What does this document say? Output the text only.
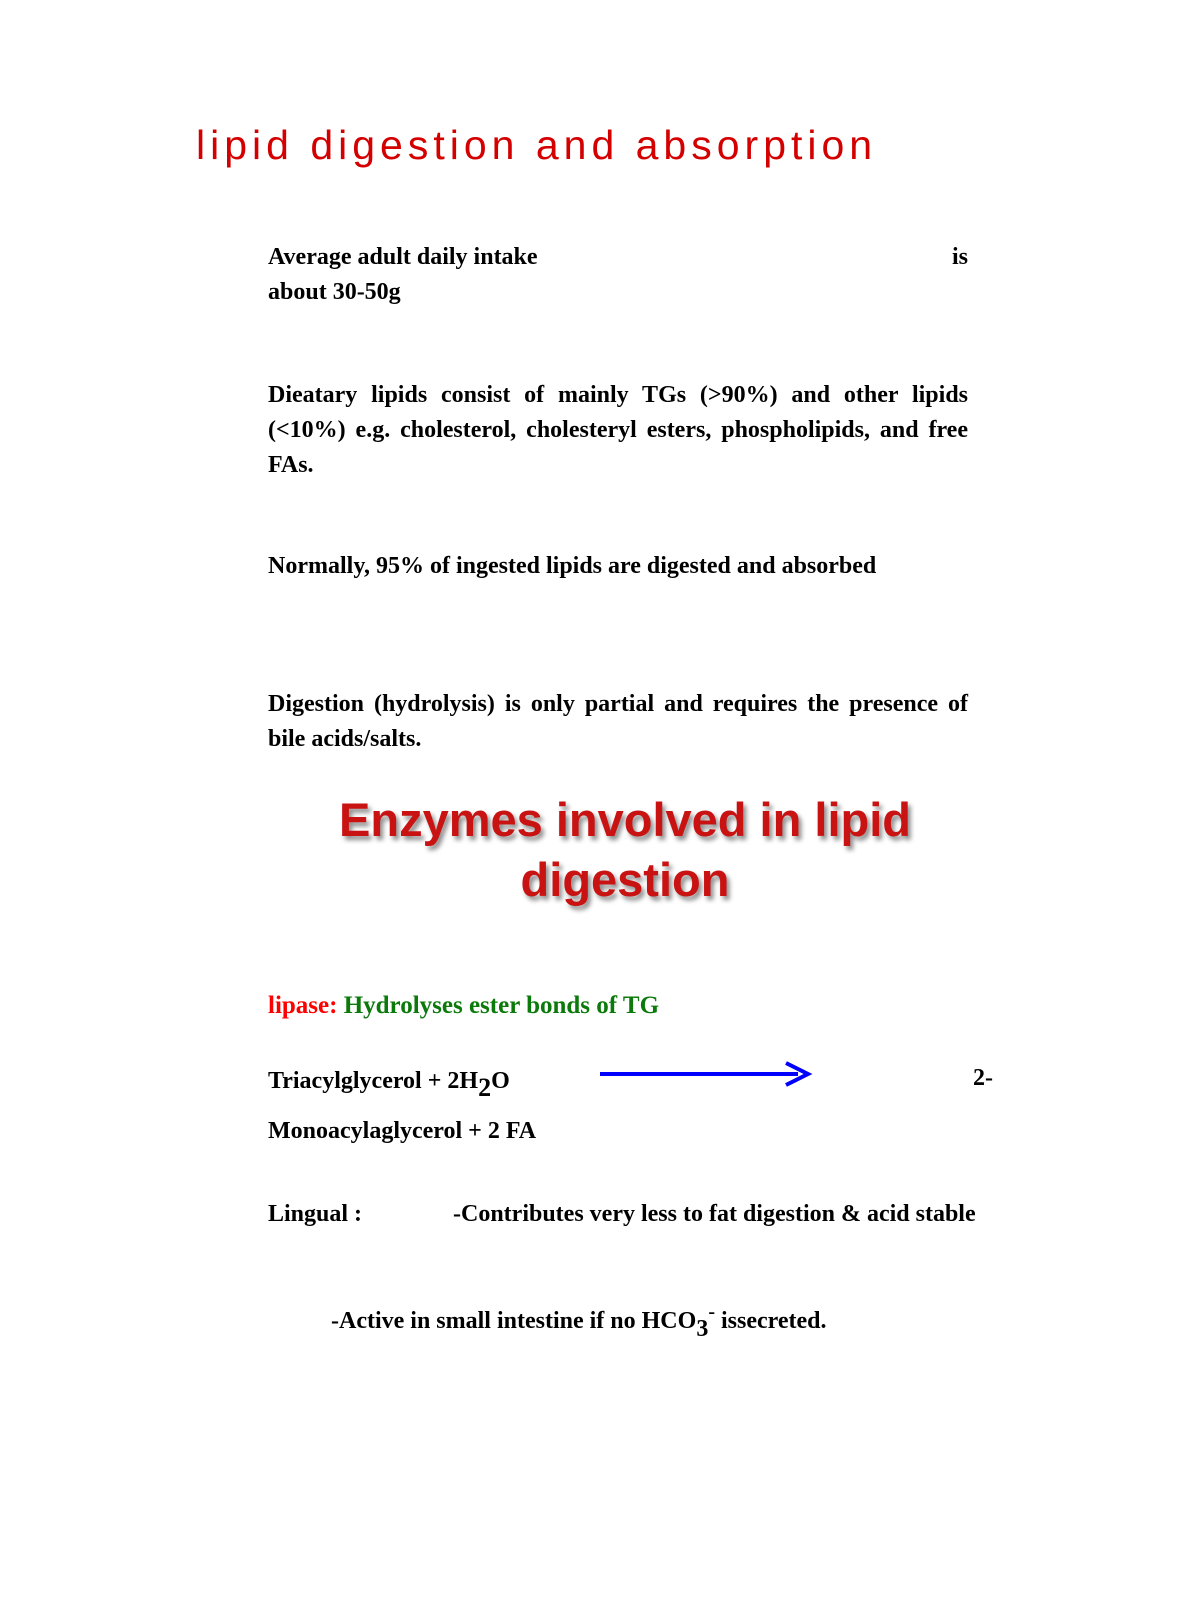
lipid digestion and absorption
Average adult daily intake	is
about 30-50g

Dieatary lipids consist of mainly TGs (>90%) and other lipids (<10%) e.g. cholesterol, cholesteryl esters, phospholipids, and free FAs.

Normally, 95% of ingested lipids are digested and absorbed

Digestion (hydrolysis) is only partial and requires the presence of bile acids/salts.

Enzymes involved in lipid digestion

lipase: Hydrolyses ester bonds of TG

Triacylglycerol + 2H2O	2-

Monoacylaglycerol + 2 FA

Lingual :	-Contributes very less to fat digestion & acid stable

-Active in small intestine if no HCO3- issecreted.
